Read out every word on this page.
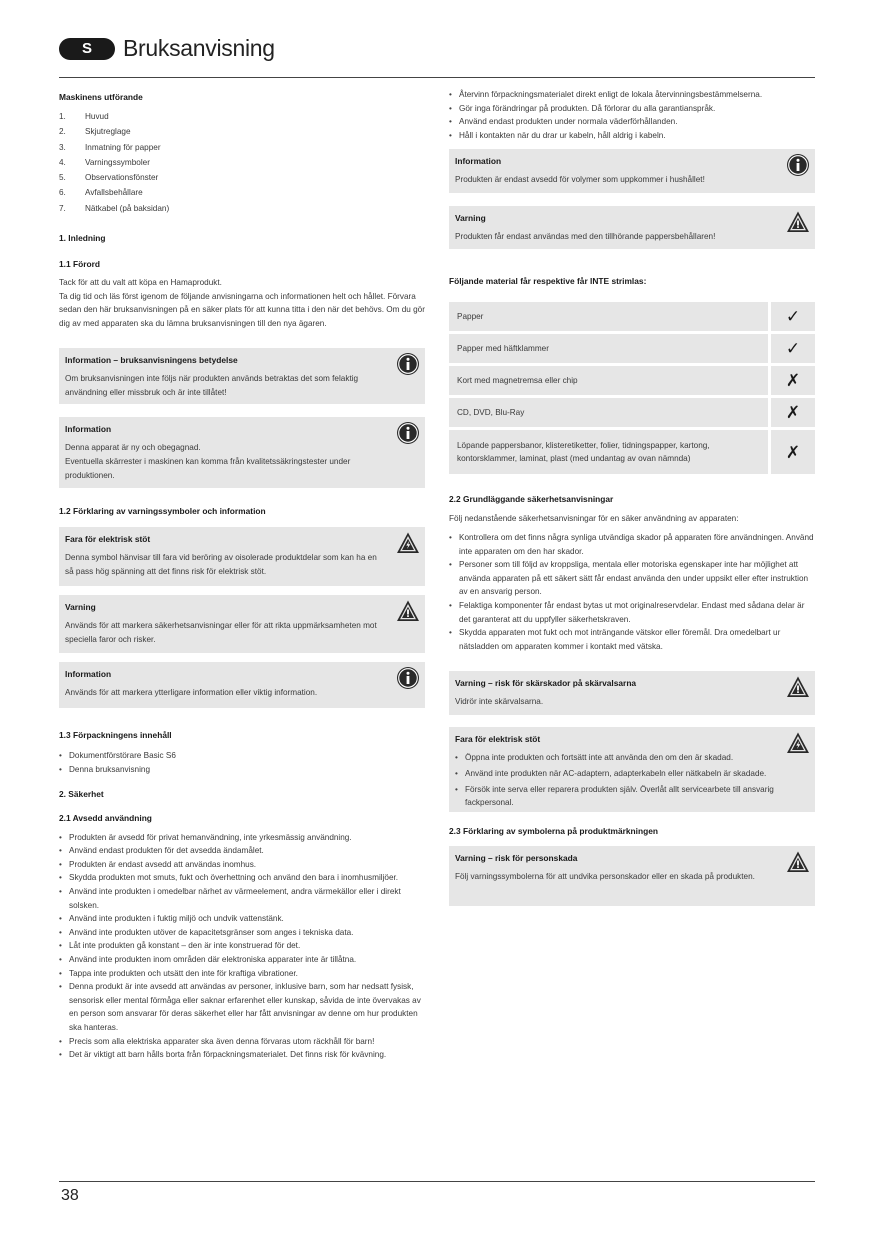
S	Bruksanvisning
Maskinens utförande
1.	Huvud
2.	Skjutreglage
3.	Inmatning för papper
4.	Varningssymboler
5.	Observationsfönster
6.	Avfallsbehållare
7.	Nätkabel (på baksidan)
1. Inledning
1.1 Förord

Tack för att du valt att köpa en Hamaprodukt.
Ta dig tid och läs först igenom de följande anvisningarna och informationen helt och hållet. Förvara sedan den här bruksanvisningen på en säker plats för att kunna titta i den när det behövs. Om du gör dig av med apparaten ska du lämna bruksanvisningen till den nya ägaren.

Information – bruksanvisningens betydelse
Om bruksanvisningen inte följs när produkten används betraktas det som felaktig användning eller missbruk och är inte tillåtet!
Information
Denna apparat är ny och obegagnad.
Eventuella skärrester i maskinen kan komma från kvalitetssäkringstester under produktionen.
1.2 Förklaring av varningssymboler och information
Fara för elektrisk stöt
Denna symbol hänvisar till fara vid beröring av oisolerade produktdelar som kan ha en så pass hög spänning att det finns risk för elektrisk stöt.
Varning
Används för att markera säkerhetsanvisningar eller för att rikta uppmärksamheten mot speciella faror och risker.
Information
Används för att markera ytterligare information eller viktig information.
1.3 Förpackningens innehåll
• Dokumentförstörare Basic S6
• Denna bruksanvisning
2. Säkerhet
2.1 Avsedd användning
• Produkten är avsedd för privat hemanvändning, inte yrkesmässig användning.
• Använd endast produkten för det avsedda ändamålet.
• Produkten är endast avsedd att användas inomhus.
• Skydda produkten mot smuts, fukt och överhettning och använd den bara i inomhusmiljöer.
• Använd inte produkten i omedelbar närhet av värmeelement, andra värmekällor eller i direkt solsken.
• Använd inte produkten i fuktig miljö och undvik vattenstänk.
• Använd inte produkten utöver de kapacitetsgränser som anges i tekniska data.
• Låt inte produkten gå konstant – den är inte konstruerad för det.
• Använd inte produkten inom områden där elektroniska apparater inte är tillåtna.
• Tappa inte produkten och utsätt den inte för kraftiga vibrationer.
• Denna produkt är inte avsedd att användas av personer, inklusive barn, som har nedsatt fysisk, sensorisk eller mental förmåga eller saknar erfarenhet eller kunskap, såvida de inte övervakas av en person som ansvarar för deras säkerhet eller har fått anvisningar av denne om hur produkten ska hanteras.
• Precis som alla elektriska apparater ska även denna förvaras utom räckhåll för barn!
• Det är viktigt att barn hålls borta från förpackningsmaterialet. Det finns risk för kvävning.
• Återvinn förpackningsmaterialet direkt enligt de lokala återvinningsbestämmelserna.
• Gör inga förändringar på produkten. Då förlorar du alla garantianspråk.
• Använd endast produkten under normala väderförhållanden.
• Håll i kontakten när du drar ur kabeln, håll aldrig i kabeln.
Information
Produkten är endast avsedd för volymer som uppkommer i hushållet!
Varning
Produkten får endast användas med den tillhörande pappersbehållaren!
Följande material får respektive får INTE strimlas:
Papper	✓
Papper med häftklammer	✓
Kort med magnetremsa eller chip	✗
CD, DVD, Blu-Ray	✗
Löpande pappersbanor, klisteretiketter, folier, tidningspapper, kartong, kontorsklammer, laminat, plast (med undantag av ovan nämnda)	✗
2.2 Grundläggande säkerhetsanvisningar

Följ nedanstående säkerhetsanvisningar för en säker användning av apparaten:

• Kontrollera om det finns några synliga utvändiga skador på apparaten före användningen. Använd inte apparaten om den har skador.
• Personer som till följd av kroppsliga, mentala eller motoriska egenskaper inte har möjlighet att använda apparaten på ett säkert sätt får endast använda den under uppsikt eller efter instruktion av en ansvarig person.
• Felaktiga komponenter får endast bytas ut mot originalreservdelar. Endast med sådana delar är det garanterat att du uppfyller säkerhetskraven.
• Skydda apparaten mot fukt och mot inträngande vätskor eller föremål. Dra omedelbart ur nätsladden om apparaten kommer i kontakt med vätska.
Varning – risk för skärskador på skärvalsarna
Vidrör inte skärvalsarna.
Fara för elektrisk stöt
• Öppna inte produkten och fortsätt inte att använda den om den är skadad.
• Använd inte produkten när AC-adaptern, adapterkabeln eller nätkabeln är skadade.
• Försök inte serva eller reparera produkten själv. Överlåt allt servicearbete till ansvarig fackpersonal.
2.3 Förklaring av symbolerna på produktmärkningen
Varning – risk för personskada
Följ varningssymbolerna för att undvika personskador eller en skada på produkten.
38
